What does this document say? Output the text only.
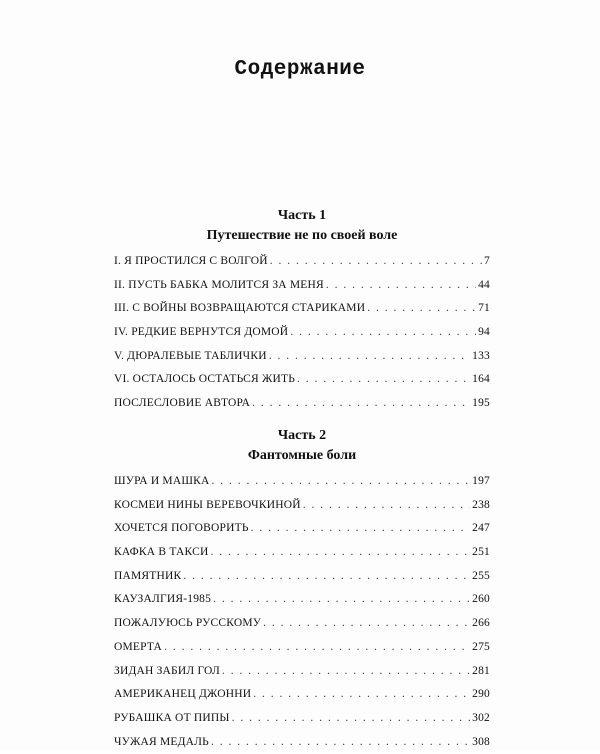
Содержание
Часть 1
Путешествие не по своей воле
I. Я ПРОСТИЛСЯ С ВОЛГОЙ . . .	7
II. ПУСТЬ БАБКА МОЛИТСЯ ЗА МЕНЯ . . .	44
III. С ВОЙНЫ ВОЗВРАЩАЮТСЯ СТАРИКАМИ . . .	71
IV. РЕДКИЕ ВЕРНУТСЯ ДОМОЙ . . .	94
V. ДЮРАЛЕВЫЕ ТАБЛИЧКИ . . .	133
VI. ОСТАЛОСЬ ОСТАТЬСЯ ЖИТЬ . . .	164
ПОСЛЕСЛОВИЕ АВТОРА . . .	195
Часть 2
Фантомные боли
ШУРА И МАШКА . . .	197
КОСМЕИ НИНЫ ВЕРЕВОЧКИНОЙ . . .	238
ХОЧЕТСЯ ПОГОВОРИТЬ . . .	247
КАФКА В ТАКСИ . . .	251
ПАМЯТНИК . . .	255
КАУЗАЛГИЯ-1985 . . .	260
ПОЖАЛУЮСЬ РУССКОМУ . . .	266
ОМЕРТА . . .	275
ЗИДАН ЗАБИЛ ГОЛ . . .	281
АМЕРИКАНЕЦ ДЖОННИ . . .	290
РУБАШКА ОТ ПИПЫ . . .	302
ЧУЖАЯ МЕДАЛЬ . . .	308
